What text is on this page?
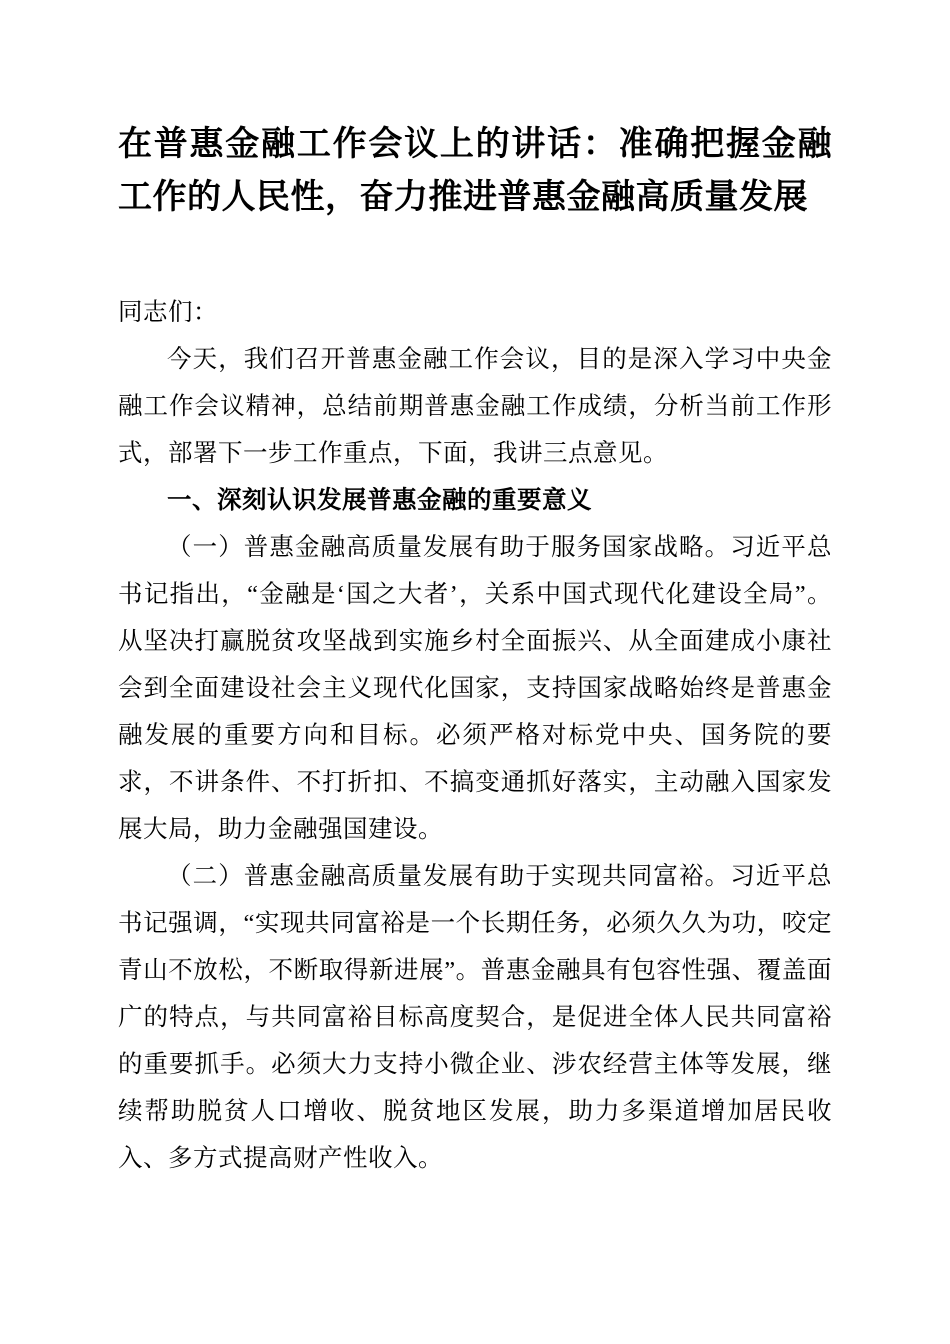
在普惠金融工作会议上的讲话：准确把握金融工作的人民性，奋力推进普惠金融高质量发展

同志们：

今天，我们召开普惠金融工作会议，目的是深入学习中央金融工作会议精神，总结前期普惠金融工作成绩，分析当前工作形式，部署下一步工作重点，下面，我讲三点意见。

一、深刻认识发展普惠金融的重要意义

（一）普惠金融高质量发展有助于服务国家战略。习近平总书记指出，“金融是‘国之大者’，关系中国式现代化建设全局”。从坚决打赢脱贫攻坚战到实施乡村全面振兴、从全面建成小康社会到全面建设社会主义现代化国家，支持国家战略始终是普惠金融发展的重要方向和目标。必须严格对标党中央、国务院的要求，不讲条件、不打折扣、不搞变通抓好落实，主动融入国家发展大局，助力金融强国建设。

（二）普惠金融高质量发展有助于实现共同富裕。习近平总书记强调，“实现共同富裕是一个长期任务，必须久久为功，咬定青山不放松，不断取得新进展”。普惠金融具有包容性强、覆盖面广的特点，与共同富裕目标高度契合，是促进全体人民共同富裕的重要抓手。必须大力支持小微企业、涉农经营主体等发展，继续帮助脱贫人口增收、脱贫地区发展，助力多渠道增加居民收入、多方式提高财产性收入。
